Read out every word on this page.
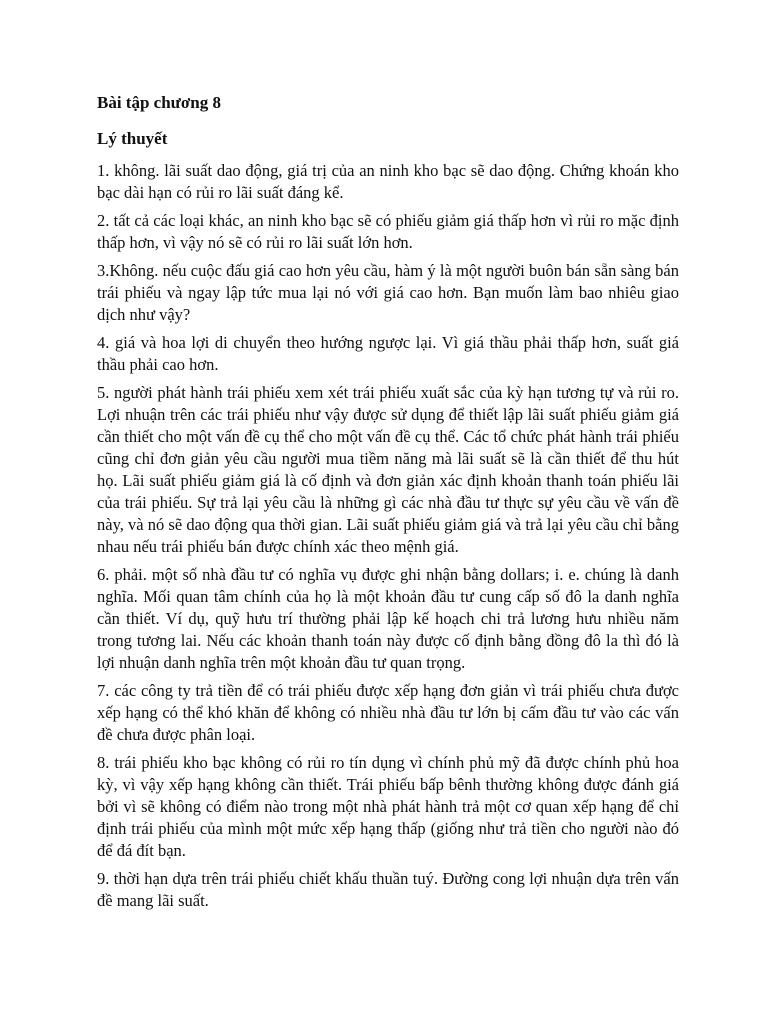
Bài tập chương 8
Lý thuyết

1. không. lãi suất dao động, giá trị của an ninh kho bạc sẽ dao động. Chứng khoán kho bạc dài hạn có rủi ro lãi suất đáng kể.

2. tất cả các loại khác, an ninh kho bạc sẽ có phiếu giảm giá thấp hơn vì rủi ro mặc định thấp hơn, vì vậy nó sẽ có rủi ro lãi suất lớn hơn.

3.Không. nếu cuộc đấu giá cao hơn yêu cầu, hàm ý là một người buôn bán sẵn sàng bán trái phiếu và ngay lập tức mua lại nó với giá cao hơn. Bạn muốn làm bao nhiêu giao dịch như vậy?

4. giá và hoa lợi di chuyển theo hướng ngược lại. Vì giá thầu phải thấp hơn, suất giá thầu phải cao hơn.

5. người phát hành trái phiếu xem xét trái phiếu xuất sắc của kỳ hạn tương tự và rủi ro. Lợi nhuận trên các trái phiếu như vậy được sử dụng để thiết lập lãi suất phiếu giảm giá cần thiết cho một vấn đề cụ thể cho một vấn đề cụ thể. Các tổ chức phát hành trái phiếu cũng chỉ đơn giản yêu cầu người mua tiềm năng mà lãi suất sẽ là cần thiết để thu hút họ. Lãi suất phiếu giảm giá là cố định và đơn giản xác định khoản thanh toán phiếu lãi của trái phiếu. Sự trả lại yêu cầu là những gì các nhà đầu tư thực sự yêu cầu về vấn đề này, và nó sẽ dao động qua thời gian. Lãi suất phiếu giảm giá và trả lại yêu cầu chỉ bằng nhau nếu trái phiếu bán được chính xác theo mệnh giá.

6. phải. một số nhà đầu tư có nghĩa vụ được ghi nhận bằng dollars; i. e. chúng là danh nghĩa. Mối quan tâm chính của họ là một khoản đầu tư cung cấp số đô la danh nghĩa cần thiết. Ví dụ, quỹ hưu trí thường phải lập kế hoạch chi trả lương hưu nhiều năm trong tương lai. Nếu các khoản thanh toán này được cố định bằng đồng đô la thì đó là lợi nhuận danh nghĩa trên một khoản đầu tư quan trọng.

7. các công ty trả tiền để có trái phiếu được xếp hạng đơn giản vì trái phiếu chưa được xếp hạng có thể khó khăn để không có nhiều nhà đầu tư lớn bị cấm đầu tư vào các vấn đề chưa được phân loại.

8. trái phiếu kho bạc không có rủi ro tín dụng vì chính phủ mỹ đã được chính phủ hoa kỳ, vì vậy xếp hạng không cần thiết. Trái phiếu bấp bênh thường không được đánh giá bởi vì sẽ không có điểm nào trong một nhà phát hành trả một cơ quan xếp hạng để chỉ định trái phiếu của mình một mức xếp hạng thấp (giống như trả tiền cho người nào đó để đá đít bạn.

9. thời hạn dựa trên trái phiếu chiết khấu thuần tuý. Đường cong lợi nhuận dựa trên vấn đề mang lãi suất.
